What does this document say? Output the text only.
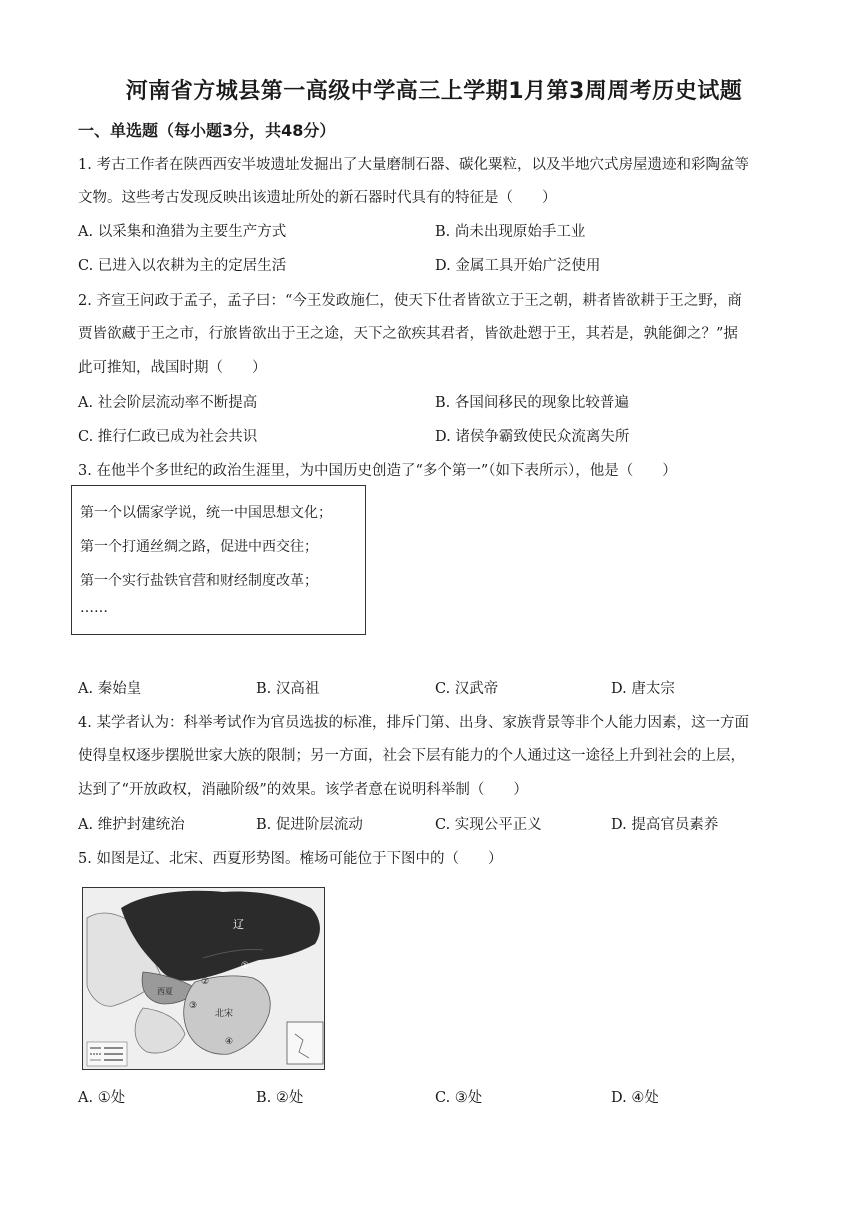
河南省方城县第一高级中学高三上学期1月第3周周考历史试题
一、单选题（每小题3分，共48分）
1. 考古工作者在陕西西安半坡遗址发掘出了大量磨制石器、碳化粟粒，以及半地穴式房屋遗迹和彩陶盆等
文物。这些考古发现反映出该遗址所处的新石器时代具有的特征是（　　）
A. 以采集和渔猎为主要生产方式	B. 尚未出现原始手工业
C. 已进入以农耕为主的定居生活	D. 金属工具开始广泛使用
2. 齐宣王问政于孟子，孟子曰：“今王发政施仁，使天下仕者皆欲立于王之朝，耕者皆欲耕于王之野，商
贾皆欲藏于王之市，行旅皆欲出于王之途，天下之欲疾其君者，皆欲赴愬于王，其若是，孰能御之？”据
此可推知，战国时期（　　）
A. 社会阶层流动率不断提高	B. 各国间移民的现象比较普遍
C. 推行仁政已成为社会共识	D. 诸侯争霸致使民众流离失所
3. 在他半个多世纪的政治生涯里，为中国历史创造了“多个第一”（如下表所示），他是（　　）
第一个以儒家学说，统一中国思想文化；
第一个打通丝绸之路，促进中西交往；
第一个实行盐铁官营和财经制度改革；
……
A. 秦始皇	B. 汉高祖	C. 汉武帝	D. 唐太宗
4. 某学者认为：科举考试作为官员选拔的标准，排斥门第、出身、家族背景等非个人能力因素，这一方面
使得皇权逐步摆脱世家大族的限制；另一方面，社会下层有能力的个人通过这一途径上升到社会的上层，
达到了“开放政权，消融阶级”的效果。该学者意在说明科举制（　　）
A. 维护封建统治	B. 促进阶层流动	C. 实现公平正义	D. 提高官员素养
5. 如图是辽、北宋、西夏形势图。榷场可能位于下图中的（　　）
辽
西夏
北宋
①
②
③
④
A. ①处	B. ②处	C. ③处	D. ④处
